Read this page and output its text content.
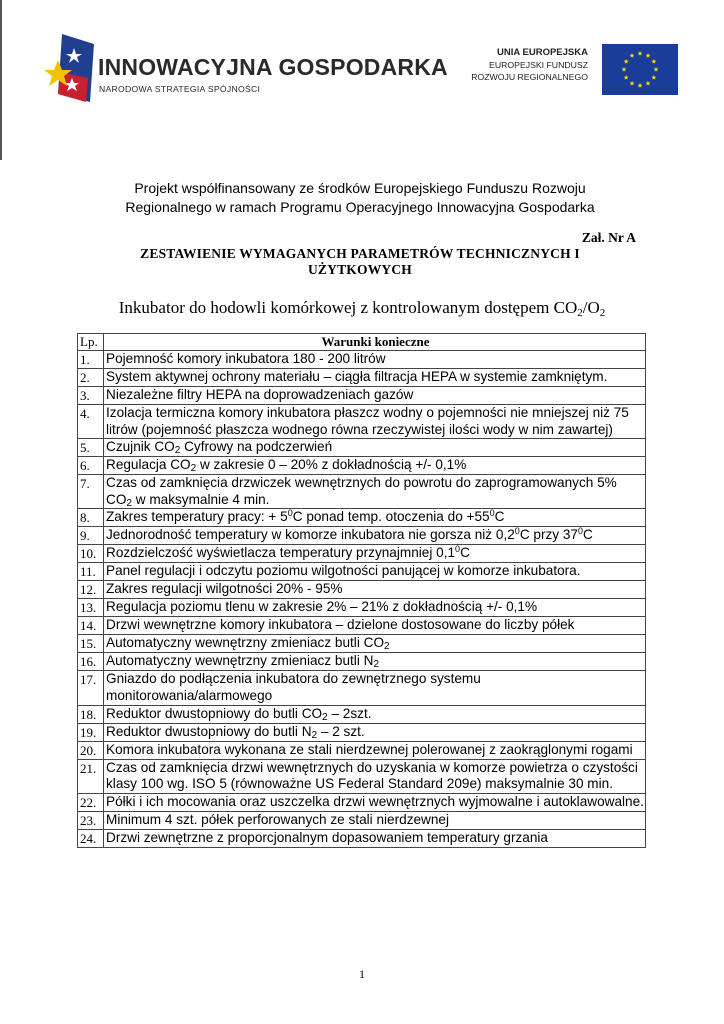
INNOWACYJNA GOSPODARKA
NARODOWA STRATEGIA SPÓJNOŚCI
UNIA EUROPEJSKA
EUROPEJSKI FUNDUSZ
ROZWOJU REGIONALNEGO
Projekt współfinansowany ze środków Europejskiego Funduszu Rozwoju Regionalnego w ramach Programu Operacyjnego Innowacyjna Gospodarka
Zał. Nr A
ZESTAWIENIE WYMAGANYCH PARAMETRÓW TECHNICZNYCH I UŻYTKOWYCH
Inkubator do hodowli komórkowej z kontrolowanym dostępem $CO_2/O_2$
Lp.	Warunki konieczne
1.	Pojemność komory inkubatora 180 - 200 litrów
2.	System aktywnej ochrony materiału – ciągła filtracja HEPA w systemie zamkniętym.
3.	Niezależne filtry HEPA na doprowadzeniach gazów
4.	Izolacja termiczna komory inkubatora płaszcz wodny o pojemności nie mniejszej niż 75 litrów (pojemność płaszcza wodnego równa rzeczywistej ilości wody w nim zawartej)
5.	Czujnik $CO_2$ Cyfrowy na podczerwień
6.	Regulacja $CO_2$ w zakresie 0 – 20% z dokładnością +/- 0,1%
7.	Czas od zamknięcia drzwiczek wewnętrznych do powrotu do zaprogramowanych 5% $CO_2$ w maksymalnie 4 min.
8.	Zakres temperatury pracy: + $5^0C$ ponad temp. otoczenia do $+55^0C$
9.	Jednorodność temperatury w komorze inkubatora nie gorsza niż $0,2^0C$ przy $37^0C$
10.	Rozdzielczość wyświetlacza temperatury przynajmniej $0,1^0C$
11.	Panel regulacji i odczytu poziomu wilgotności panującej w komorze inkubatora.
12.	Zakres regulacji wilgotności 20% - 95%
13.	Regulacja poziomu tlenu w zakresie 2% – 21% z dokładnością +/- 0,1%
14.	Drzwi wewnętrzne komory inkubatora – dzielone dostosowane do liczby półek
15.	Automatyczny wewnętrzny zmieniacz butli $CO_2$
16.	Automatyczny wewnętrzny zmieniacz butli $N_2$
17.	Gniazdo do podłączenia inkubatora do zewnętrznego systemu monitorowania/alarmowego
18.	Reduktor dwustopniowy do butli $CO_2 - 2szt$.
19.	Reduktor dwustopniowy do butli $N_2 - 2$ szt.
20.	Komora inkubatora wykonana ze stali nierdzewnej polerowanej z zaokrąglonymi rogami
21.	Czas od zamknięcia drzwi wewnętrznych do uzyskania w komorze powietrza o czystości klasy 100 wg. ISO 5 (równoważne US Federal Standard 209e) maksymalnie 30 min.
22.	Półki i ich mocowania oraz uszczelka drzwi wewnętrznych wyjmowalne i autoklawowalne.
23.	Minimum 4 szt. półek perforowanych ze stali nierdzewnej
24.	Drzwi zewnętrzne z proporcjonalnym dopasowaniem temperatury grzania
1
